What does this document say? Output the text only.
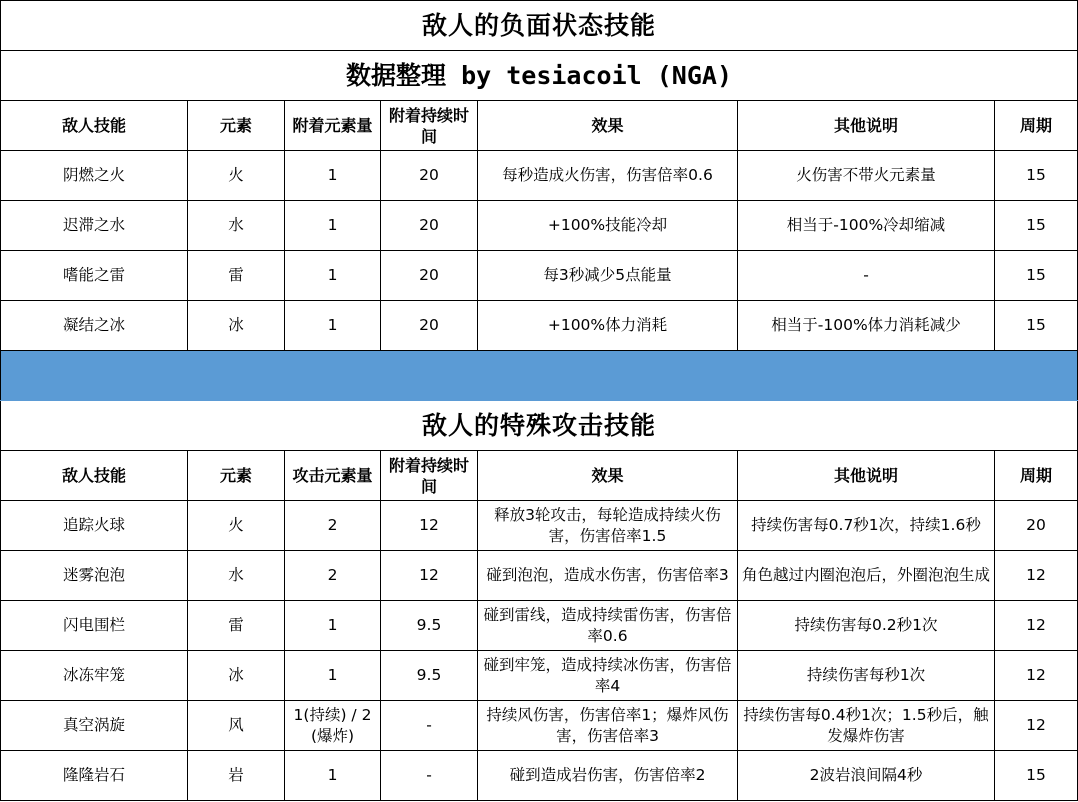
敌人的负面状态技能						
数据整理 by tesiacoil (NGA)						
敌人技能	元素	附着元素量	附着持续时间	效果	其他说明	周期
阴燃之火	火	1	20	每秒造成火伤害，伤害倍率0.6	火伤害不带火元素量	15
迟滞之水	水	1	20	+100%技能冷却	相当于-100%冷却缩减	15
嗜能之雷	雷	1	20	每3秒减少5点能量	-	15
凝结之冰	冰	1	20	+100%体力消耗	相当于-100%体力消耗减少	15

敌人的特殊攻击技能						
敌人技能	元素	攻击元素量	附着持续时间	效果	其他说明	周期
追踪火球	火	2	12	释放3轮攻击，每轮造成持续火伤害，伤害倍率1.5	持续伤害每0.7秒1次，持续1.6秒	20
迷雾泡泡	水	2	12	碰到泡泡，造成水伤害，伤害倍率3	角色越过内圈泡泡后，外圈泡泡生成	12
闪电围栏	雷	1	9.5	碰到雷线，造成持续雷伤害，伤害倍率0.6	持续伤害每0.2秒1次	12
冰冻牢笼	冰	1	9.5	碰到牢笼，造成持续冰伤害，伤害倍率4	持续伤害每秒1次	12
真空涡旋	风	1(持续) / 2(爆炸)	-	持续风伤害，伤害倍率1；爆炸风伤害，伤害倍率3	持续伤害每0.4秒1次；1.5秒后，触发爆炸伤害	12
隆隆岩石	岩	1	-	碰到造成岩伤害，伤害倍率2	2波岩浪间隔4秒	15
